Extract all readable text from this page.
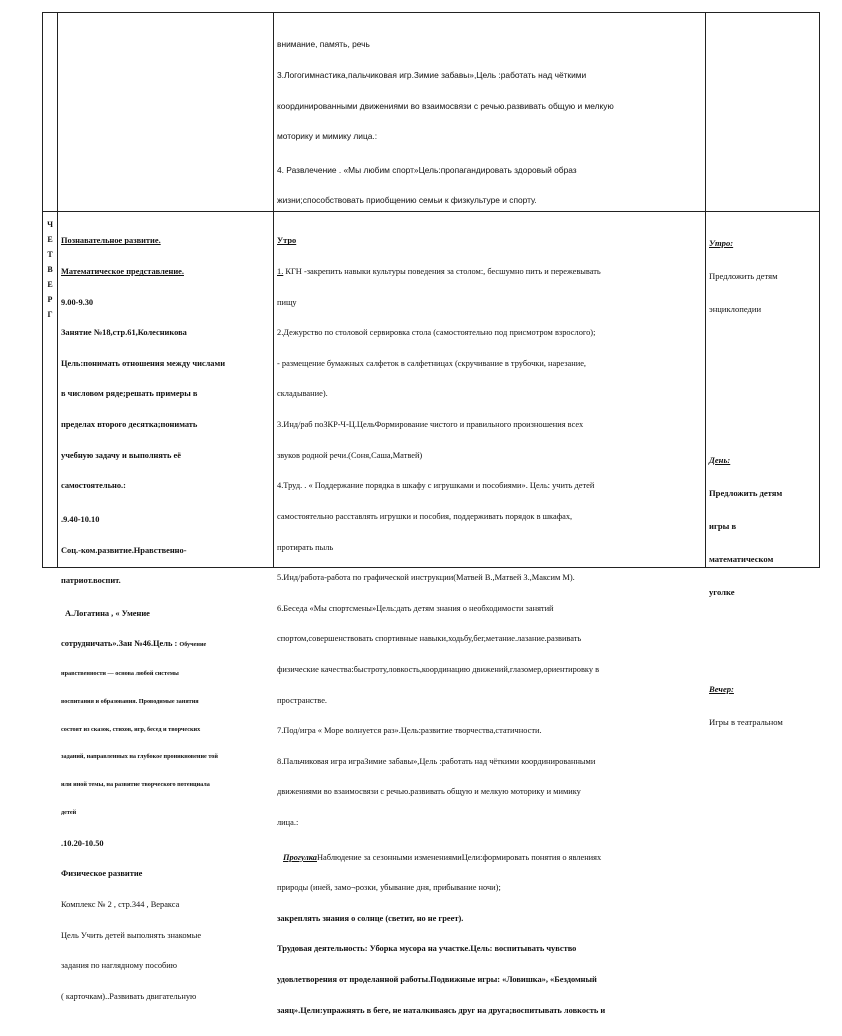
внимание, память, речь

3.Логогимнастика,пальчиковая игр.Зимие забавы»,Цель :работать над чёткими

координированными движениями во взаимосвязи с речью.развивать общую и мелкую

моторику и мимику лица.:

4. Развлечение . «Мы любим спорт»Цель:пропагандировать здоровый образ

жизни;способствовать приобщению семьи к физкультуре и спорту.

Ч
Е
Т
В
Е
Р
Г

Познавательное развитие.

Математическое представление.

9.00-9.30

Занятие №18,стр.61,Колесникова

Цель:понимать отношения между числами

в числовом ряде;решать примеры в

пределах второго десятка;понимать

учебную задачу и выполнять её

самостоятельно.:

.9.40-10.10

Соц.-ком.развитие.Нравственно-

патриот.воспит.

А.Логатина , « Умение

сотрудничать».Зан №46.Цель : Обучение

нравственности — основа любой системы

воспитания и образования. Проводимые занятия

состоят из сказок, стихов, игр, бесед и творческих

заданий, направленных на глубокое проникновение той

или иной темы, на развитие творческого потенциала

детей

.10.20-10.50

Физическое развитие

Комплекс № 2 , стр.344 , Веракса

Цель Учить детей выполнять знакомые

задания по наглядному пособию

( карточкам)..Развивать двигательную

Утро

1. КГН -закрепить навыки культуры поведения за столом:, бесшумно пить и пережевывать

пищу

2.Дежурство по столовой сервировка стола (самостоятельно под присмотром взрослого);

- размещение бумажных салфеток в салфетницах (скручивание в трубочки, нарезание,

складывание).

3.Инд/раб поЗКР-Ч-Ц.ЦельФормирование чистого и правильного произношения всех

звуков родной речи.(Соня,Саша,Матвей)

4.Труд. . « Поддержание порядка в шкафу с игрушками и пособиями». Цель: учить детей

самостоятельно расставлять игрушки и пособия, поддерживать порядок в шкафах,

протирать пыль

5.Инд/работа-работа по графической инструкции(Матвей В.,Матвей З.,Максим М).

6.Беседа «Мы спортсмены»Цель:дать детям знания о необходимости занятий

спортом,совершенствовать спортивные навыки,ходьбу,бег,метание.лазание.развивать

физические качества:быстроту,ловкость,координацию движений,глазомер,ориентировку в

пространстве.

7.Под/игра « Море волнуется раз».Цель:развитие творчества,статичности.

8.Пальчиковая игра играЗимие забавы»,Цель :работать над чёткими координированными

движениями во взаимосвязи с речью.развивать общую и мелкую моторику и мимику

лица.:

ПрогулкаНаблюдение за сезонными изменениямиЦели:формировать понятия о явлениях

природы (иней, замо¬розки, убывание дня, прибывание ночи);

закреплять знания о солнце (светит, но не греет).

Трудовая деятельность: Уборка мусора на участке.Цель: воспитывать чувство

удовлетворения от проделанной работы.Подвижные игры: «Ловишка», «Бездомный

заяц».Цели:упражнять в беге, не наталкиваясь друг на друга;воспитывать ловкость и

Утро:

Предложить детям

энциклопедии

День:

Предложить детям

игры в

математическом

уголке

Вечер:

Игры в театральном
